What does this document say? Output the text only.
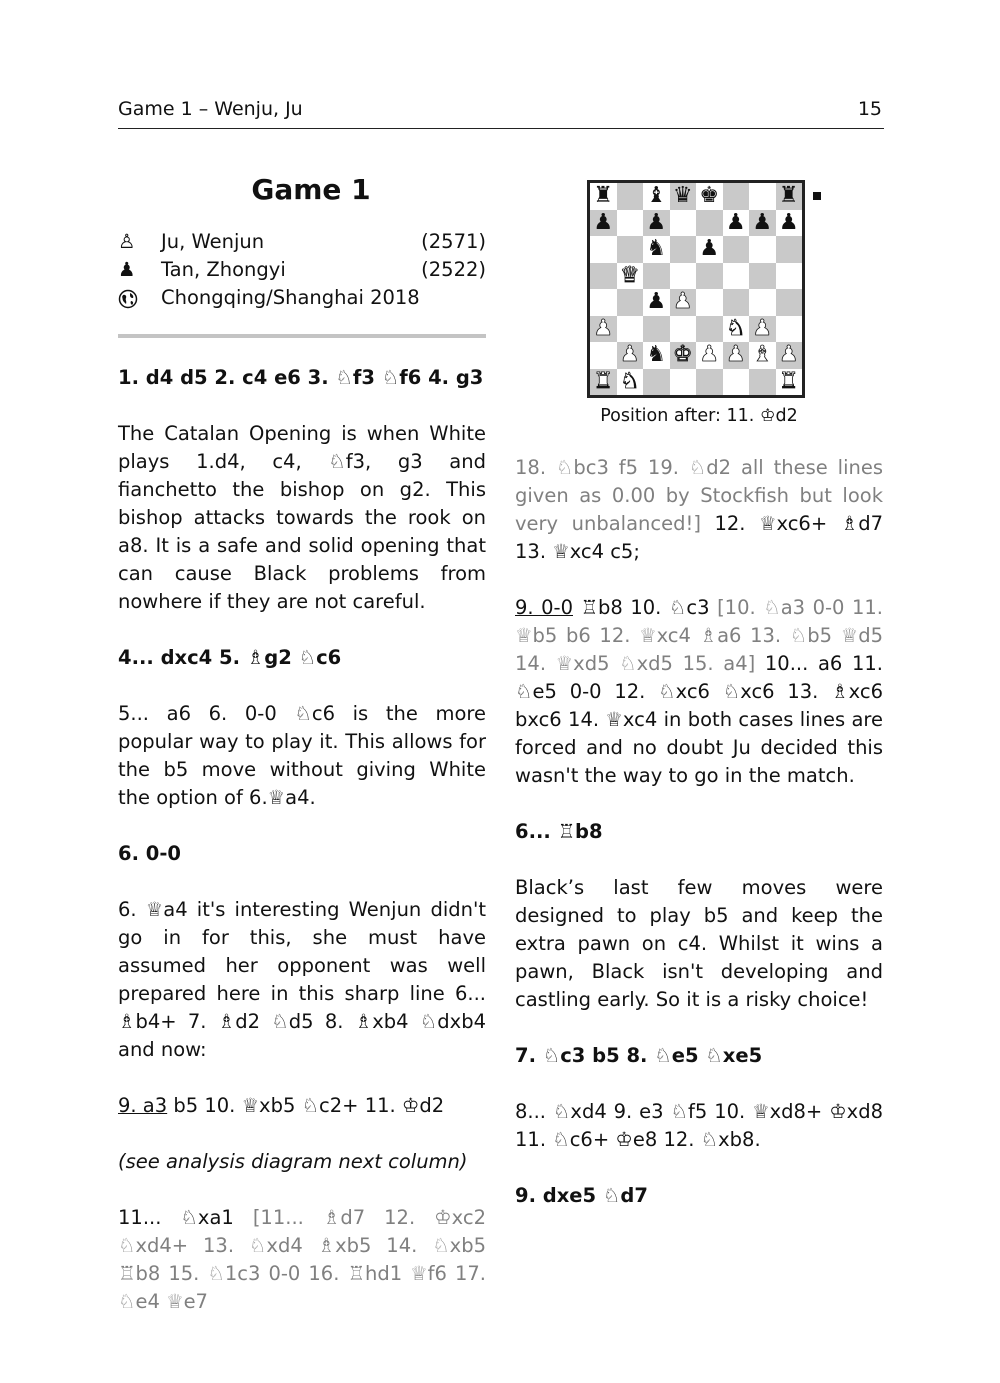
Game 1 – Wenju, Ju	15
Game 1
♙	Ju, Wenjun	(2571)
♟	Tan, Zhongyi	(2522)
Chongqing/Shanghai 2018

1. d4 d5 2. c4 e6 3. ♘f3 ♘f6 4. g3

The Catalan Opening is when White plays 1.d4, c4, ♘f3, g3 and fianchetto the bishop on g2. This bishop attacks towards the rook on a8. It is a safe and solid opening that can cause Black problems from nowhere if they are not careful.

4... dxc4 5. ♗g2 ♘c6

5... a6 6. 0-0 ♘c6 is the more popular way to play it. This allows for the b5 move without giving White the option of 6.♕a4.

6. 0-0

6. ♕a4 it's interesting Wenjun didn't go in for this, she must have assumed her opponent was well prepared here in this sharp line 6... ♗b4+ 7. ♗d2 ♘d5 8. ♗xb4 ♘dxb4 and now:

9. a3 b5 10. ♕xb5 ♘c2+ 11. ♔d2

(see analysis diagram next column)

11... ♘xa1 [11... ♗d7 12. ♔xc2 ♘xd4+ 13. ♘xd4 ♗xb5 14. ♘xb5 ♖b8 15. ♘1c3 0-0 16. ♖hd1 ♕f6 17. ♘e4 ♕e7

♜ ♝ ♛ ♚	♜
♟ ♟	♟ ♟ ♟
♞ ♟
♛
♟ ♟
♟	♞ ♟
♟ ♞ ♚ ♟ ♟ ♝ ♟
♜ ♞	♜
Position after: 11. ♔d2

18. ♘bc3 f5 19. ♘d2 all these lines given as 0.00 by Stockfish but look very unbalanced!] 12. ♕xc6+ ♗d7 13. ♕xc4 c5;

9. 0-0 ♖b8 10. ♘c3 [10. ♘a3 0-0 11. ♕b5 b6 12. ♕xc4 ♗a6 13. ♘b5 ♕d5 14. ♕xd5 ♘xd5 15. a4] 10... a6 11. ♘e5 0-0 12. ♘xc6 ♘xc6 13. ♗xc6 bxc6 14. ♕xc4 in both cases lines are forced and no doubt Ju decided this wasn't the way to go in the match.

6... ♖b8

Black’s last few moves were designed to play b5 and keep the extra pawn on c4. Whilst it wins a pawn, Black isn't developing and castling early. So it is a risky choice!

7. ♘c3 b5 8. ♘e5 ♘xe5

8... ♘xd4 9. e3 ♘f5 10. ♕xd8+ ♔xd8 11. ♘c6+ ♔e8 12. ♘xb8.

9. dxe5 ♘d7
